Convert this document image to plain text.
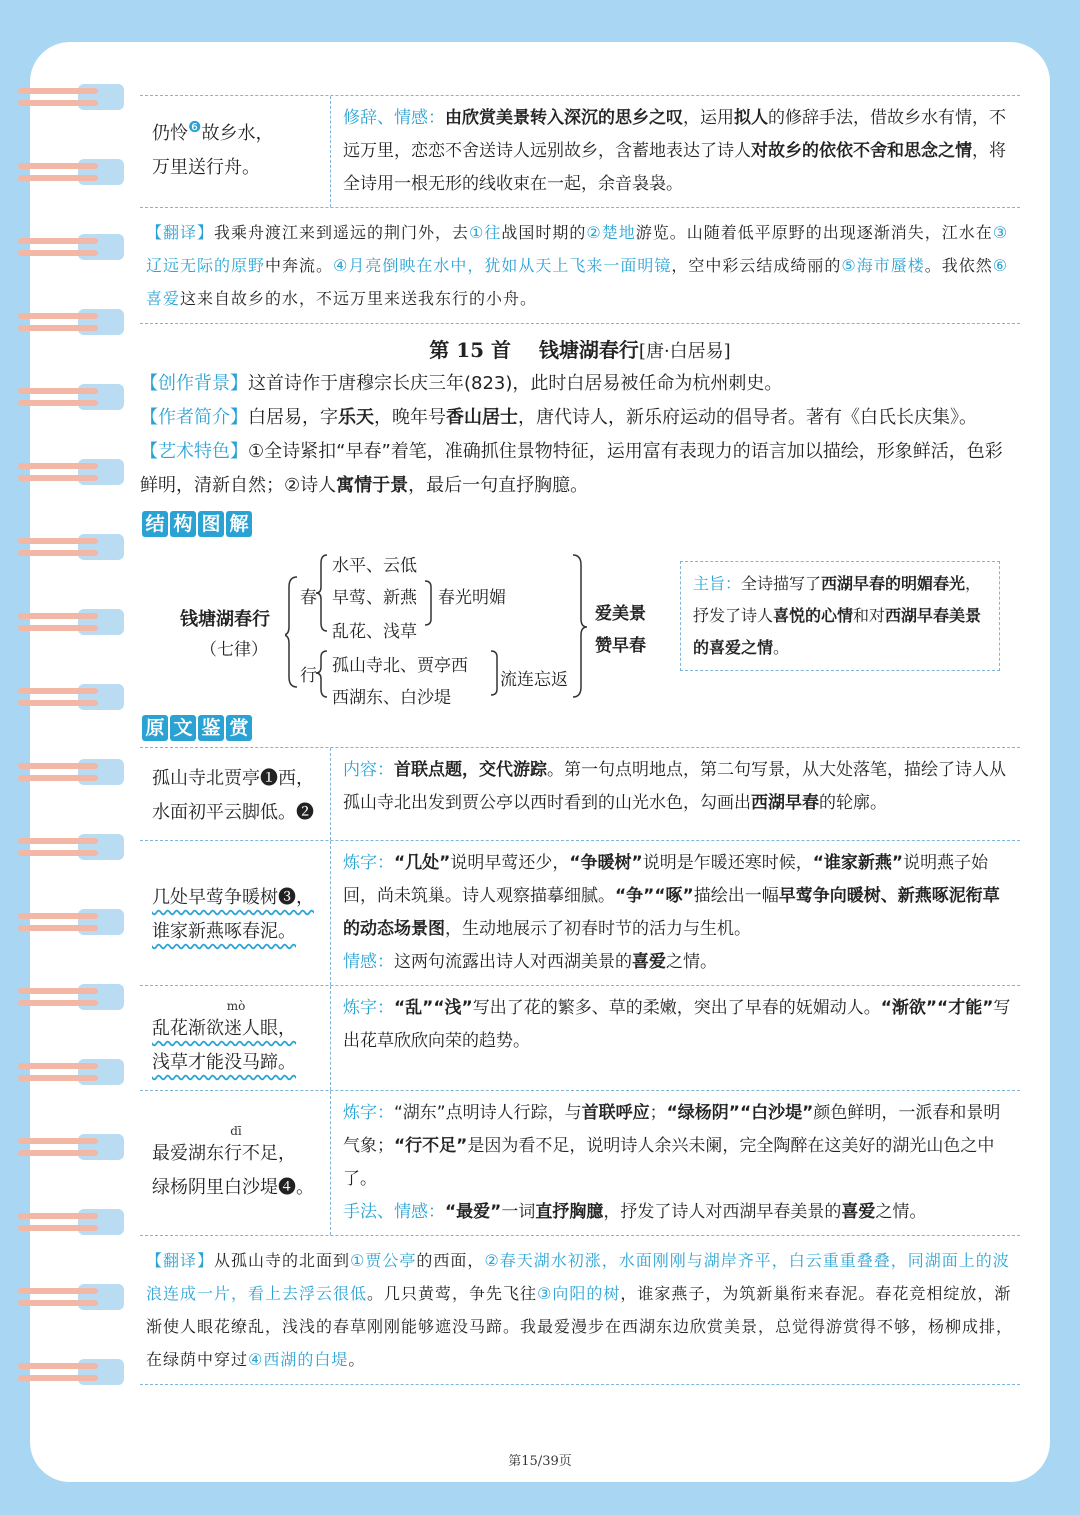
仍怜$^❻$故乡水，
万里送行舟。
修辞、情感：由欣赏美景转入深沉的思乡之叹，运用拟人的修辞手法，借故乡水有情，不远万里，恋恋不舍送诗人远别故乡，含蓄地表达了诗人对故乡的依依不舍和思念之情，将全诗用一根无形的线收束在一起，余音袅袅。
【翻译】我乘舟渡江来到遥远的荆门外，去①往战国时期的②楚地游览。山随着低平原野的出现逐渐消失，江水在③辽远无际的原野中奔流。④月亮倒映在水中，犹如从天上飞来一面明镜，空中彩云结成绮丽的⑤海市蜃楼。我依然⑥喜爱这来自故乡的水，不远万里来送我东行的小舟。
第 15 首 钱塘湖春行[唐·白居易]
【创作背景】这首诗作于唐穆宗长庆三年(823)，此时白居易被任命为杭州刺史。
【作者简介】白居易，字乐天，晚年号香山居士，唐代诗人，新乐府运动的倡导者。著有《白氏长庆集》。
【艺术特色】①全诗紧扣“早春”着笔，准确抓住景物特征，运用富有表现力的语言加以描绘，形象鲜活，色彩鲜明，清新自然；②诗人寓情于景，最后一句直抒胸臆。
结 构 图 解
钱塘湖春行
（七律）
春
水平、云低
早莺、新燕
乱花、浅草
春光明媚
行 孤山寺北、贾亭西
西湖东、白沙堤
流连忘返
爱美景
赞早春
主旨：全诗描写了西湖早春的明媚春光，抒发了诗人喜悦的心情和对西湖早春美景的喜爱之情。
原 文 鉴 赏
孤山寺北贾亭❶西，
水面初平云脚低。❷
内容：首联点题，交代游踪。第一句点明地点，第二句写景，从大处落笔，描绘了诗人从孤山寺北出发到贾公亭以西时看到的山光水色，勾画出西湖早春的轮廓。
几处早莺争暖树❸，
谁家新燕啄春泥。
炼字：“几处”说明早莺还少，“争暖树”说明是乍暖还寒时候，“谁家新燕”说明燕子始回，尚未筑巢。诗人观察描摹细腻。“争”“啄”描绘出一幅早莺争向暖树、新燕啄泥衔草的动态场景图，生动地展示了初春时节的活力与生机。
情感：这两句流露出诗人对西湖美景的喜爱之情。
mò
乱花渐欲迷人眼，
浅草才能没马蹄。
炼字：“乱”“浅”写出了花的繁多、草的柔嫩，突出了早春的妩媚动人。“渐欲”“才能”写出花草欣欣向荣的趋势。
dī
最爱湖东行不足，
绿杨阴里白沙堤❹。
炼字：“湖东”点明诗人行踪，与首联呼应；“绿杨阴”“白沙堤”颜色鲜明，一派春和景明气象；“行不足”是因为看不足，说明诗人余兴未阑，完全陶醉在这美好的湖光山色之中了。
手法、情感：“最爱”一词直抒胸臆，抒发了诗人对西湖早春美景的喜爱之情。
【翻译】从孤山寺的北面到①贾公亭的西面，②春天湖水初涨，水面刚刚与湖岸齐平，白云重重叠叠，同湖面上的波浪连成一片，看上去浮云很低。几只黄莺，争先飞往③向阳的树，谁家燕子，为筑新巢衔来春泥。春花竞相绽放，渐渐使人眼花缭乱，浅浅的春草刚刚能够遮没马蹄。我最爱漫步在西湖东边欣赏美景，总觉得游赏得不够，杨柳成排，在绿荫中穿过④西湖的白堤。
第15/39页
